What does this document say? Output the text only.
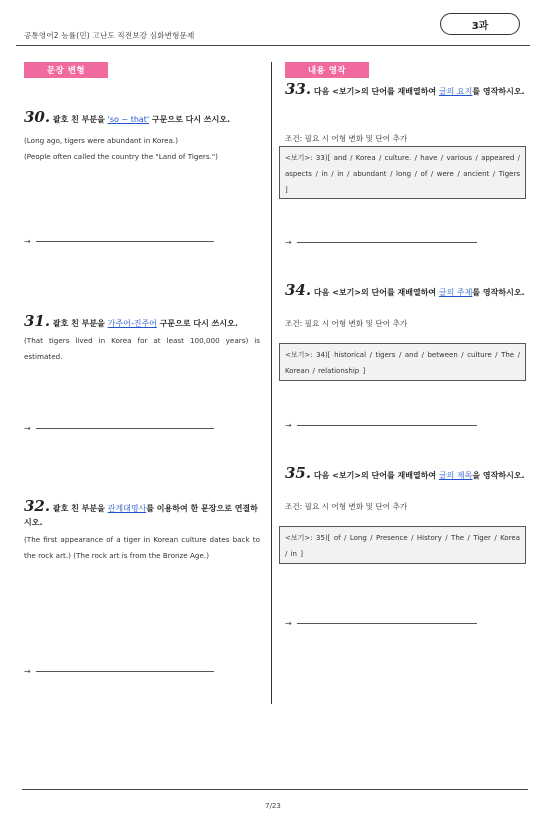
공통영어2 능률(민) 고난도 직전보강 심화변형문제
3과
문장 변형
30. 괄호 친 부분을 'so ~ that' 구문으로 다시 쓰시오.
(Long ago, tigers were abundant in Korea.)
(People often called the country the "Land of Tigers.")
→
31. 괄호 친 부분을 가주어-진주어 구문으로 다시 쓰시오.
(That tigers lived in Korea for at least 100,000 years) is estimated.
→
32. 괄호 친 부분을 관계대명사를 이용하여 한 문장으로 연결하시오.
(The first appearance of a tiger in Korean culture dates back to the rock art.) (The rock art is from the Bronze Age.)
→
내용 영작
33. 다음 <보기>의 단어를 재배열하여 글의 요지를 영작하시오.
조건: 필요 시 어형 변화 및 단어 추가
<보기>: 33)[ and / Korea / culture. / have / various / appeared / aspects / in / in / abundant / long / of / were / ancient / Tigers ]
→
34. 다음 <보기>의 단어를 재배열하여 글의 주제를 영작하시오.
조건: 필요 시 어형 변화 및 단어 추가
<보기>: 34)[ historical / tigers / and / between / culture / The / Korean / relationship ]
→
35. 다음 <보기>의 단어를 재배열하여 글의 제목을 영작하시오.
조건: 필요 시 어형 변화 및 단어 추가
<보기>: 35)[ of / Long / Presence / History / The / Tiger / Korea / in ]
→
7/23
